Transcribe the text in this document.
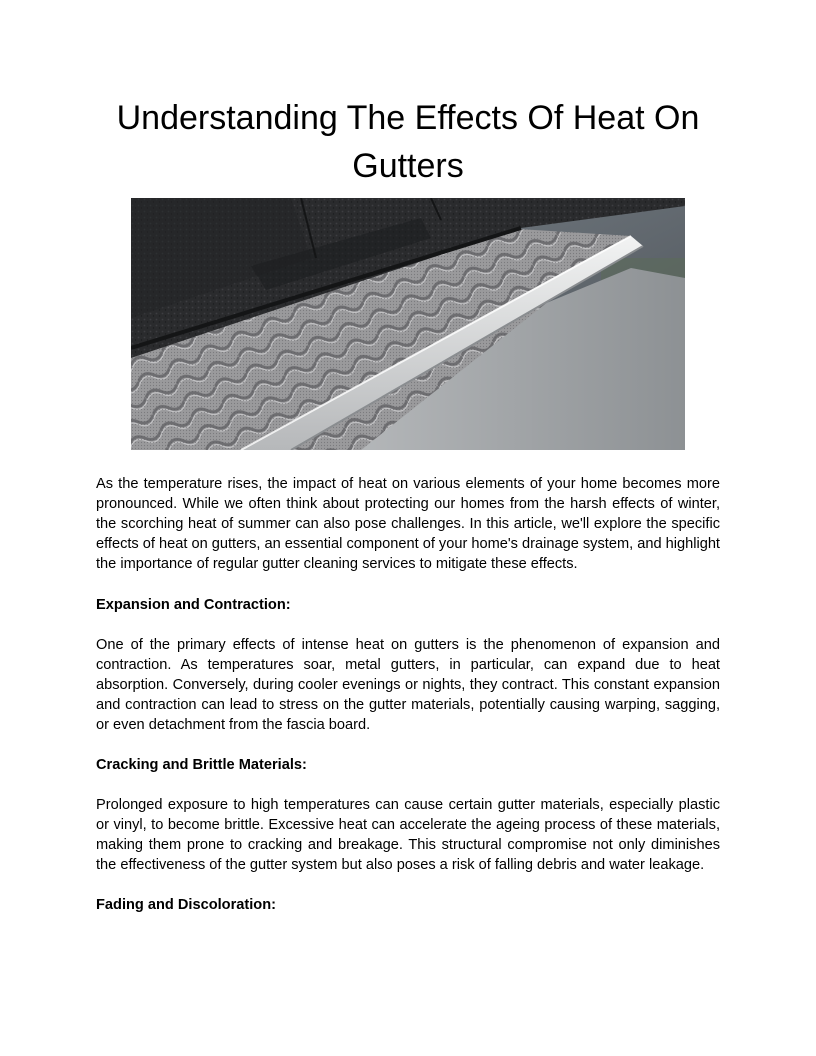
Understanding The Effects Of Heat On Gutters

As the temperature rises, the impact of heat on various elements of your home becomes more pronounced. While we often think about protecting our homes from the harsh effects of winter, the scorching heat of summer can also pose challenges. In this article, we'll explore the specific effects of heat on gutters, an essential component of your home's drainage system, and highlight the importance of regular gutter cleaning services to mitigate these effects.

Expansion and Contraction:

One of the primary effects of intense heat on gutters is the phenomenon of expansion and contraction. As temperatures soar, metal gutters, in particular, can expand due to heat absorption. Conversely, during cooler evenings or nights, they contract. This constant expansion and contraction can lead to stress on the gutter materials, potentially causing warping, sagging, or even detachment from the fascia board.

Cracking and Brittle Materials:

Prolonged exposure to high temperatures can cause certain gutter materials, especially plastic or vinyl, to become brittle. Excessive heat can accelerate the ageing process of these materials, making them prone to cracking and breakage. This structural compromise not only diminishes the effectiveness of the gutter system but also poses a risk of falling debris and water leakage.

Fading and Discoloration:
